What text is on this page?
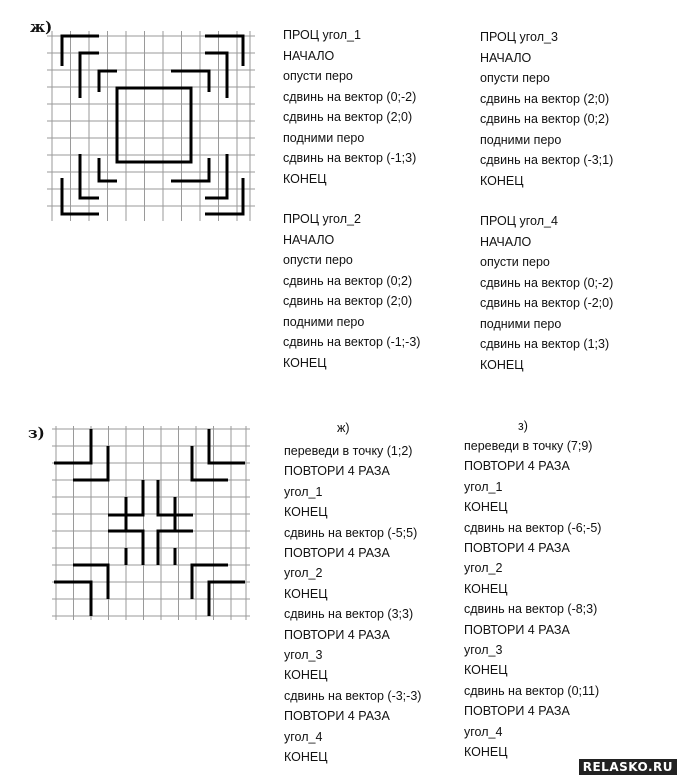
ж)	ПРОЦ угол_1
НАЧАЛО
опусти перо
сдвинь на вектор (0;-2)
сдвинь на вектор (2;0)
подними перо
сдвинь на вектор (-1;3)
КОНЕЦ
ПРОЦ угол_3
НАЧАЛО
опусти перо
сдвинь на вектор (2;0)
сдвинь на вектор (0;2)
подними перо
сдвинь на вектор (-3;1)
КОНЕЦ
ПРОЦ угол_2
НАЧАЛО
опусти перо
сдвинь на вектор (0;2)
сдвинь на вектор (2;0)
подними перо
сдвинь на вектор (-1;-3)
КОНЕЦ
ПРОЦ угол_4
НАЧАЛО
опусти перо
сдвинь на вектор (0;-2)
сдвинь на вектор (-2;0)
подними перо
сдвинь на вектор (1;3)
КОНЕЦ
з)	ж)
переведи в точку (1;2)
ПОВТОРИ 4 РАЗА
угол_1
КОНЕЦ
сдвинь на вектор (-5;5)
ПОВТОРИ 4 РАЗА
угол_2
КОНЕЦ
сдвинь на вектор (3;3)
ПОВТОРИ 4 РАЗА
угол_3
КОНЕЦ
сдвинь на вектор (-3;-3)
ПОВТОРИ 4 РАЗА
угол_4
КОНЕЦ
з)
переведи в точку (7;9)
ПОВТОРИ 4 РАЗА
угол_1
КОНЕЦ
сдвинь на вектор (-6;-5)
ПОВТОРИ 4 РАЗА
угол_2
КОНЕЦ
сдвинь на вектор (-8;3)
ПОВТОРИ 4 РАЗА
угол_3
КОНЕЦ
сдвинь на вектор (0;11)
ПОВТОРИ 4 РАЗА
угол_4
КОНЕЦ
RELASKO.RU
